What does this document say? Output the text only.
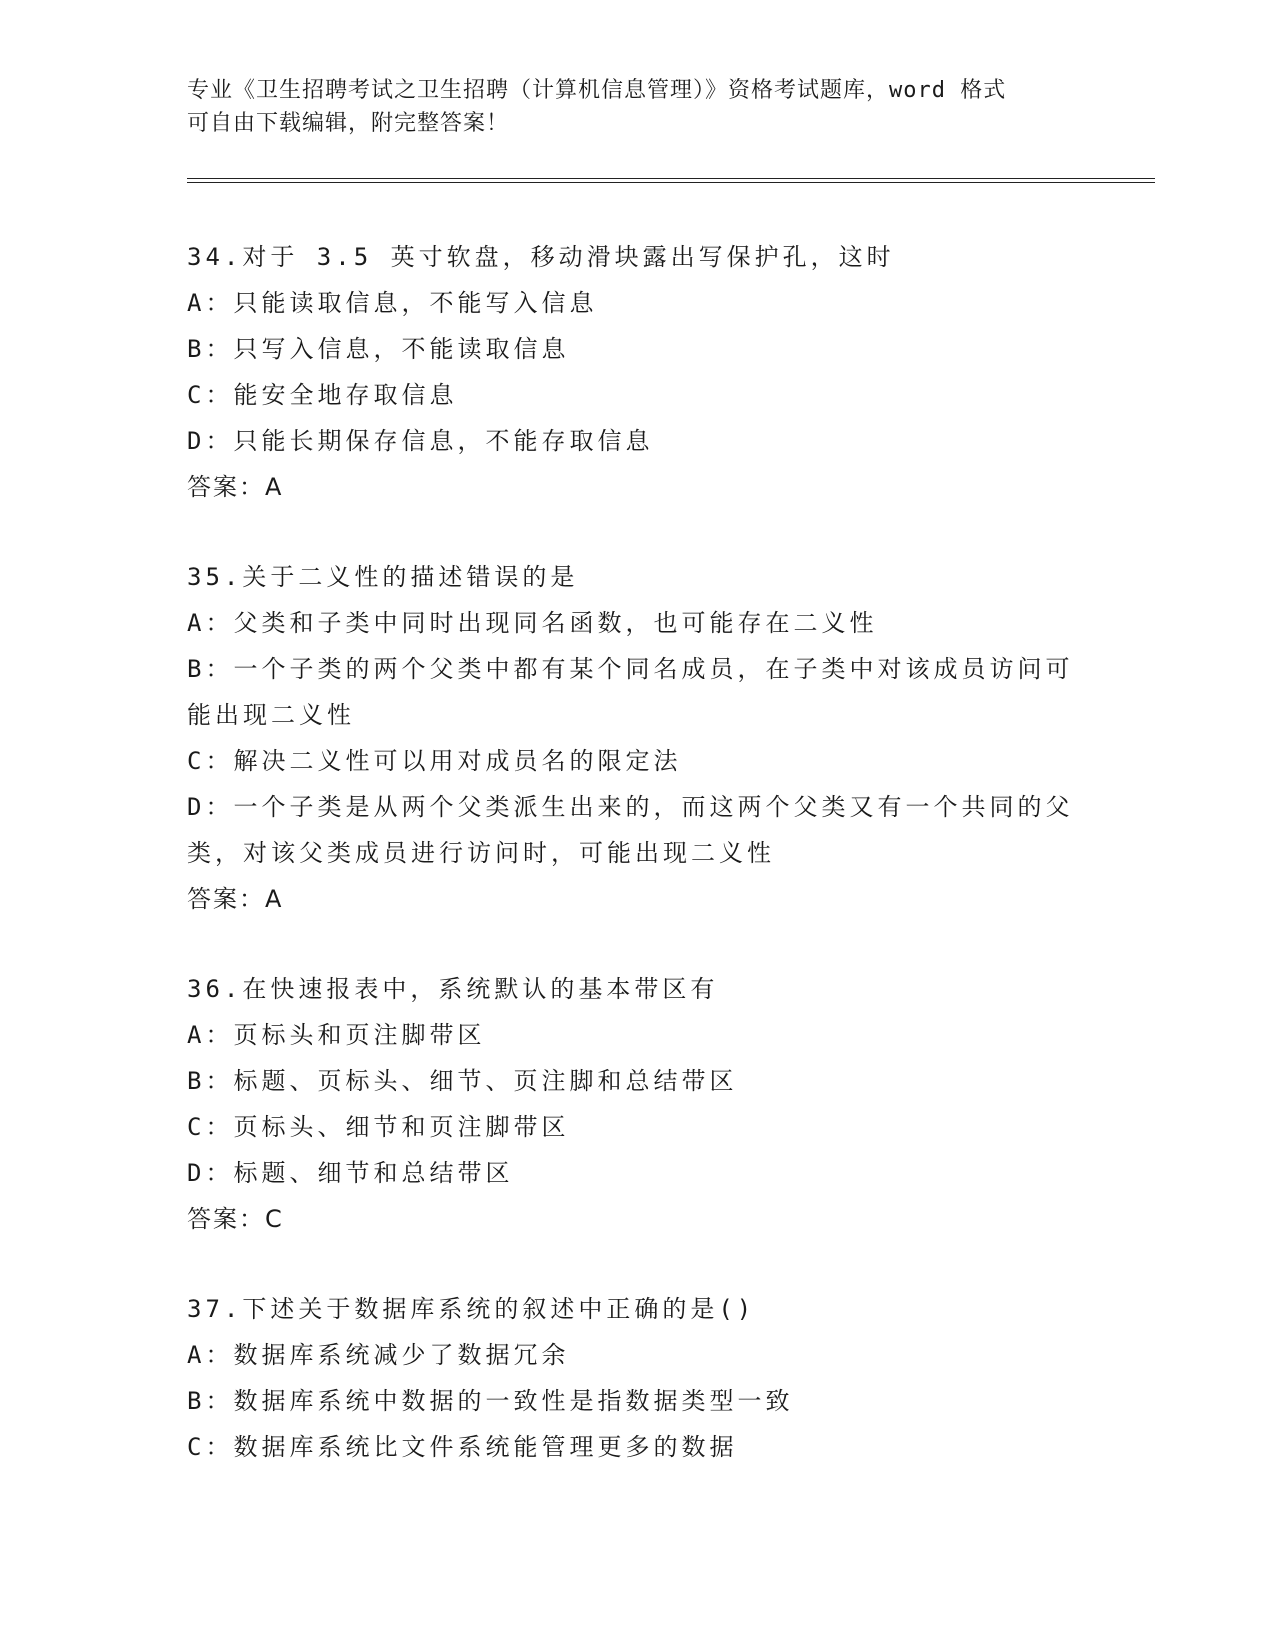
专业《卫生招聘考试之卫生招聘（计算机信息管理）》资格考试题库，word 格式
可自由下载编辑，附完整答案！
34.对于 3.5 英寸软盘，移动滑块露出写保护孔，这时
A：只能读取信息，不能写入信息
B：只写入信息，不能读取信息
C：能安全地存取信息
D：只能长期保存信息，不能存取信息
答案：A
35.关于二义性的描述错误的是
A：父类和子类中同时出现同名函数，也可能存在二义性
B：一个子类的两个父类中都有某个同名成员，在子类中对该成员访问可能出现二义性
C：解决二义性可以用对成员名的限定法
D：一个子类是从两个父类派生出来的，而这两个父类又有一个共同的父类，对该父类成员进行访问时，可能出现二义性
答案：A
36.在快速报表中，系统默认的基本带区有
A：页标头和页注脚带区
B：标题、页标头、细节、页注脚和总结带区
C：页标头、细节和页注脚带区
D：标题、细节和总结带区
答案：C
37.下述关于数据库系统的叙述中正确的是()
A：数据库系统减少了数据冗余
B：数据库系统中数据的一致性是指数据类型一致
C：数据库系统比文件系统能管理更多的数据
